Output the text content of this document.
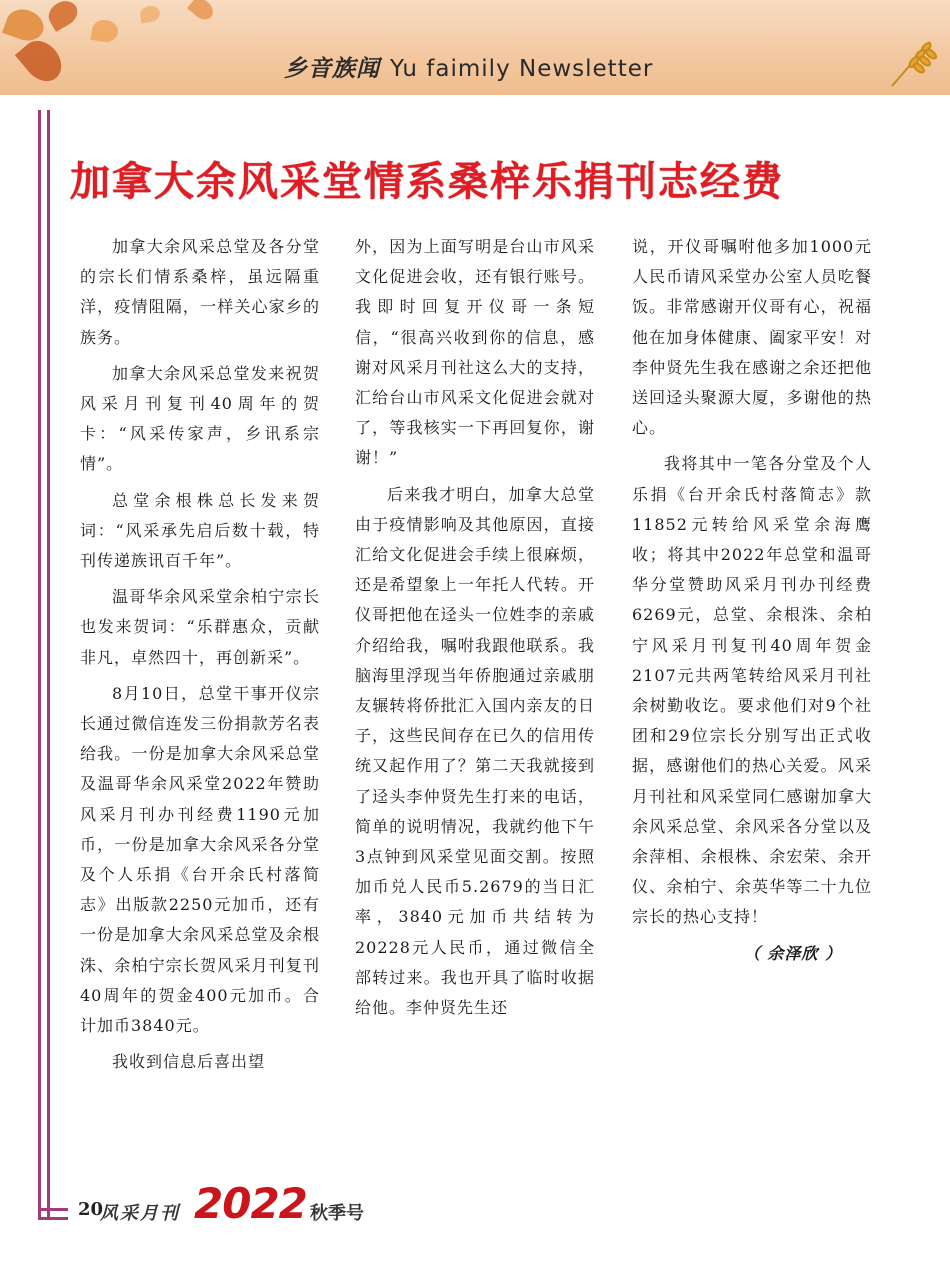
乡音族闻 Yu faimily Newsletter
加拿大余风采堂情系桑梓乐捐刊志经费

加拿大余风采总堂及各分堂的宗长们情系桑梓，虽远隔重洋，疫情阻隔，一样关心家乡的族务。

加拿大余风采总堂发来祝贺风采月刊复刊40周年的贺卡：“风采传家声，乡讯系宗情”。

总堂余根株总长发来贺词：“风采承先启后数十载，特刊传递族讯百千年”。

温哥华余风采堂余柏宁宗长也发来贺词：“乐群惠众，贡献非凡，卓然四十，再创新采”。

8月10日，总堂干事开仪宗长通过微信连发三份捐款芳名表给我。一份是加拿大余风采总堂及温哥华余风采堂2022年赞助风采月刊办刊经费1190元加币，一份是加拿大余风采各分堂及个人乐捐《台开余氏村落简志》出版款2250元加币，还有一份是加拿大余风采总堂及余根洙、余柏宁宗长贺风采月刊复刊40周年的贺金400元加币。合计加币3840元。

我收到信息后喜出望

外，因为上面写明是台山市风采文化促进会收，还有银行账号。我即时回复开仪哥一条短信，“很高兴收到你的信息，感谢对风采月刊社这么大的支持，汇给台山市风采文化促进会就对了，等我核实一下再回复你，谢谢！”

后来我才明白，加拿大总堂由于疫情影响及其他原因，直接汇给文化促进会手续上很麻烦，还是希望象上一年托人代转。开仪哥把他在迳头一位姓李的亲戚介绍给我，嘱咐我跟他联系。我脑海里浮现当年侨胞通过亲戚朋友辗转将侨批汇入国内亲友的日子，这些民间存在已久的信用传统又起作用了？第二天我就接到了迳头李仲贤先生打来的电话，简单的说明情况，我就约他下午3点钟到风采堂见面交割。按照加币兑人民币5.2679的当日汇率，3840元加币共结转为20228元人民币，通过微信全部转过来。我也开具了临时收据给他。李仲贤先生还

说，开仪哥嘱咐他多加1000元人民币请风采堂办公室人员吃餐饭。非常感谢开仪哥有心，祝福他在加身体健康、阖家平安！对李仲贤先生我在感谢之余还把他送回迳头聚源大厦，多谢他的热心。

我将其中一笔各分堂及个人乐捐《台开余氏村落简志》款11852元转给风采堂余海鹰收；将其中2022年总堂和温哥华分堂赞助风采月刊办刊经费6269元，总堂、余根洙、余柏宁风采月刊复刊40周年贺金2107元共两笔转给风采月刊社余树勤收讫。要求他们对9个社团和29位宗长分别写出正式收据，感谢他们的热心关爱。风采月刊社和风采堂同仁感谢加拿大余风采总堂、余风采各分堂以及余萍相、余根株、余宏荣、余开仪、余柏宁、余英华等二十九位宗长的热心支持！

（ 余泽欣 ）

20
风采月刊 2022 秋季号
